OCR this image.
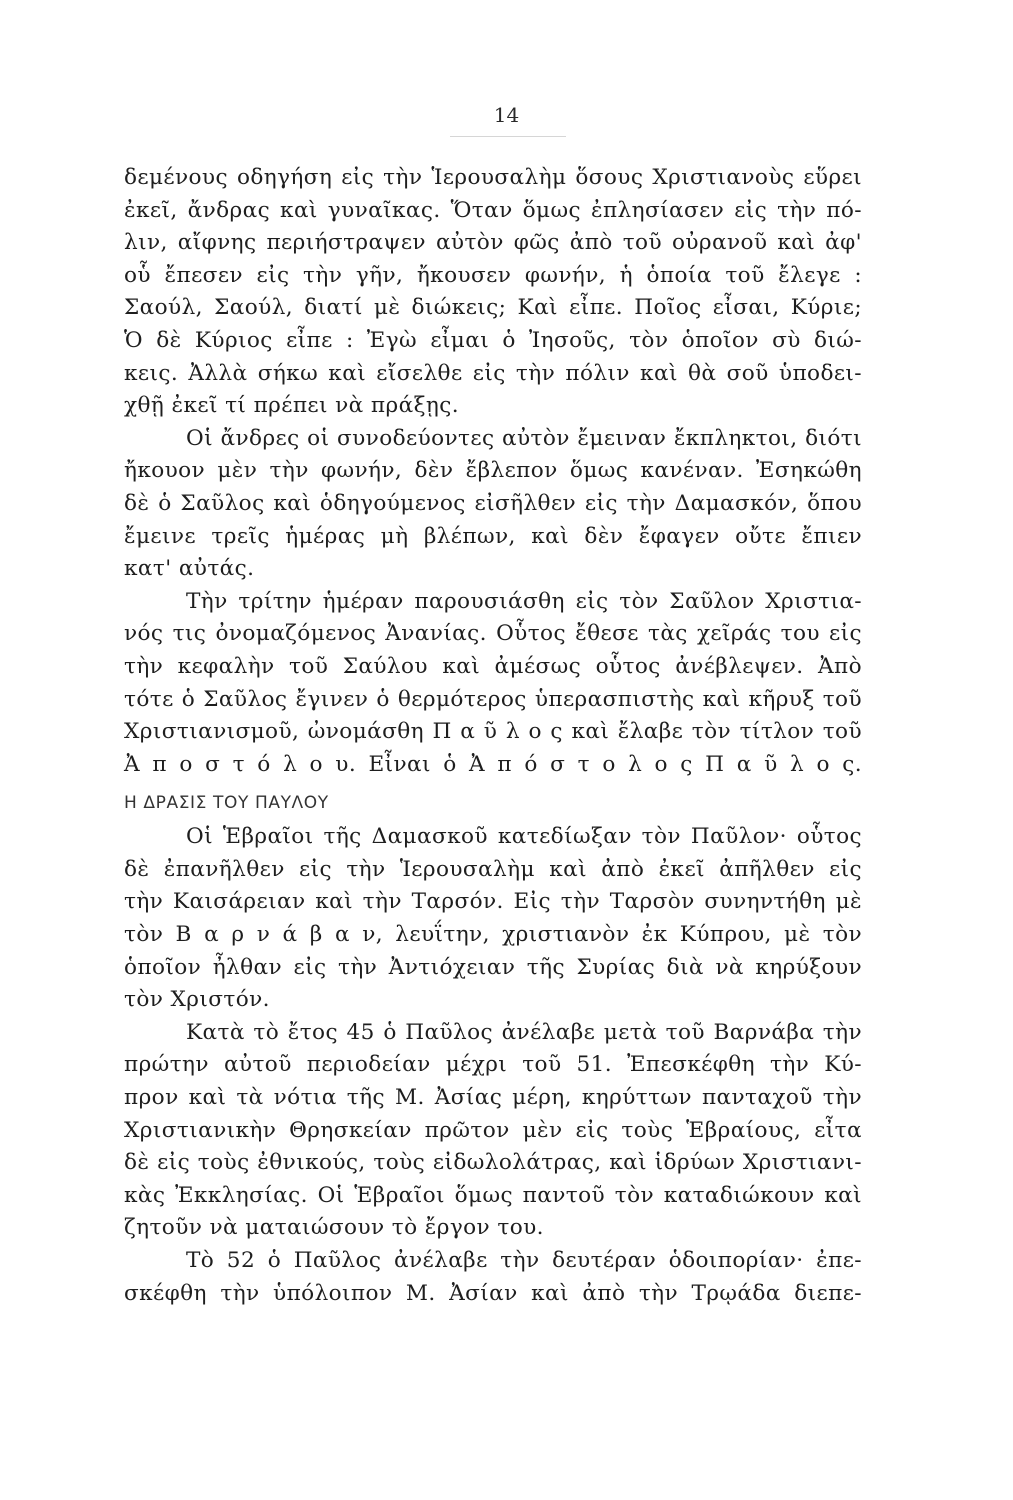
14
δεμένους οδηγήση εἰς τὴν Ἱερουσαλὴμ ὅσους Χριστιανοὺς εὕρει
ἐκεῖ, ἄνδρας καὶ γυναῖκας. Ὅταν ὅμως ἐπλησίασεν εἰς τὴν πό-
λιν, αἴφνης περιήστραψεν αὐτὸν φῶς ἀπὸ τοῦ οὐρανοῦ καὶ ἀφ'
οὗ ἔπεσεν εἰς τὴν γῆν, ἤκουσεν φωνήν, ἡ ὁποία τοῦ ἔλεγε :
Σαούλ, Σαούλ, διατί μὲ διώκεις; Καὶ εἶπε. Ποῖος εἶσαι, Κύριε;
Ὁ δὲ Κύριος εἶπε : Ἐγὼ εἶμαι ὁ Ἰησοῦς, τὸν ὁποῖον σὺ διώ-
κεις. Ἀλλὰ σήκω καὶ εἴσελθε εἰς τὴν πόλιν καὶ θὰ σοῦ ὑποδει-
χθῇ ἐκεῖ τί πρέπει νὰ πράξῃς.
Οἱ ἄνδρες οἱ συνοδεύοντες αὐτὸν ἔμειναν ἔκπληκτοι, διότι
ἤκουον μὲν τὴν φωνήν, δὲν ἔβλεπον ὅμως κανέναν. Ἐσηκώθη
δὲ ὁ Σαῦλος καὶ ὁδηγούμενος εἰσῆλθεν εἰς τὴν Δαμασκόν, ὅπου
ἔμεινε τρεῖς ἡμέρας μὴ βλέπων, καὶ δὲν ἔφαγεν οὔτε ἔπιεν
κατ' αὐτάς.
Τὴν τρίτην ἡμέραν παρουσιάσθη εἰς τὸν Σαῦλον Χριστια-
νός τις ὀνομαζόμενος Ἀνανίας. Οὗτος ἔθεσε τὰς χεῖράς του εἰς
τὴν κεφαλὴν τοῦ Σαύλου καὶ ἀμέσως οὗτος ἀνέβλεψεν. Ἀπὸ
τότε ὁ Σαῦλος ἔγινεν ὁ θερμότερος ὑπερασπιστὴς καὶ κῆρυξ τοῦ
Χριστιανισμοῦ, ὠνομάσθη Π α ῦ λ ο ς καὶ ἔλαβε τὸν τίτλον τοῦ
Ἀ π ο σ τ ό λ ο υ. Εἶναι ὁ Ἀ π ό σ τ ο λ ο ς Π α ῦ λ ο ς.
Η ΔΡΑΣΙΣ ΤΟΥ ΠΑΥΛΟΥ
Οἱ Ἑβραῖοι τῆς Δαμασκοῦ κατεδίωξαν τὸν Παῦλον· οὗτος
δὲ ἐπανῆλθεν εἰς τὴν Ἱερουσαλὴμ καὶ ἀπὸ ἐκεῖ ἀπῆλθεν εἰς
τὴν Καισάρειαν καὶ τὴν Ταρσόν. Εἰς τὴν Ταρσὸν συνηντήθη μὲ
τὸν Β α ρ ν ά β α ν, λευΐτην, χριστιανὸν ἐκ Κύπρου, μὲ τὸν
ὁποῖον ἦλθαν εἰς τὴν Ἀντιόχειαν τῆς Συρίας διὰ νὰ κηρύξουν
τὸν Χριστόν.
Κατὰ τὸ ἔτος 45 ὁ Παῦλος ἀνέλαβε μετὰ τοῦ Βαρνάβα τὴν
πρώτην αὐτοῦ περιοδείαν μέχρι τοῦ 51. Ἐπεσκέφθη τὴν Κύ-
προν καὶ τὰ νότια τῆς Μ. Ἀσίας μέρη, κηρύττων πανταχοῦ τὴν
Χριστιανικὴν Θρησκείαν πρῶτον μὲν εἰς τοὺς Ἑβραίους, εἶτα
δὲ εἰς τοὺς ἐθνικούς, τοὺς εἰδωλολάτρας, καὶ ἱδρύων Χριστιανι-
κὰς Ἐκκλησίας. Οἱ Ἑβραῖοι ὅμως παντοῦ τὸν καταδιώκουν καὶ
ζητοῦν νὰ ματαιώσουν τὸ ἔργον του.
Τὸ 52 ὁ Παῦλος ἀνέλαβε τὴν δευτέραν ὁδοιπορίαν· ἐπε-
σκέφθη τὴν ὑπόλοιπον Μ. Ἀσίαν καὶ ἀπὸ τὴν Τρῳάδα διεπε-
